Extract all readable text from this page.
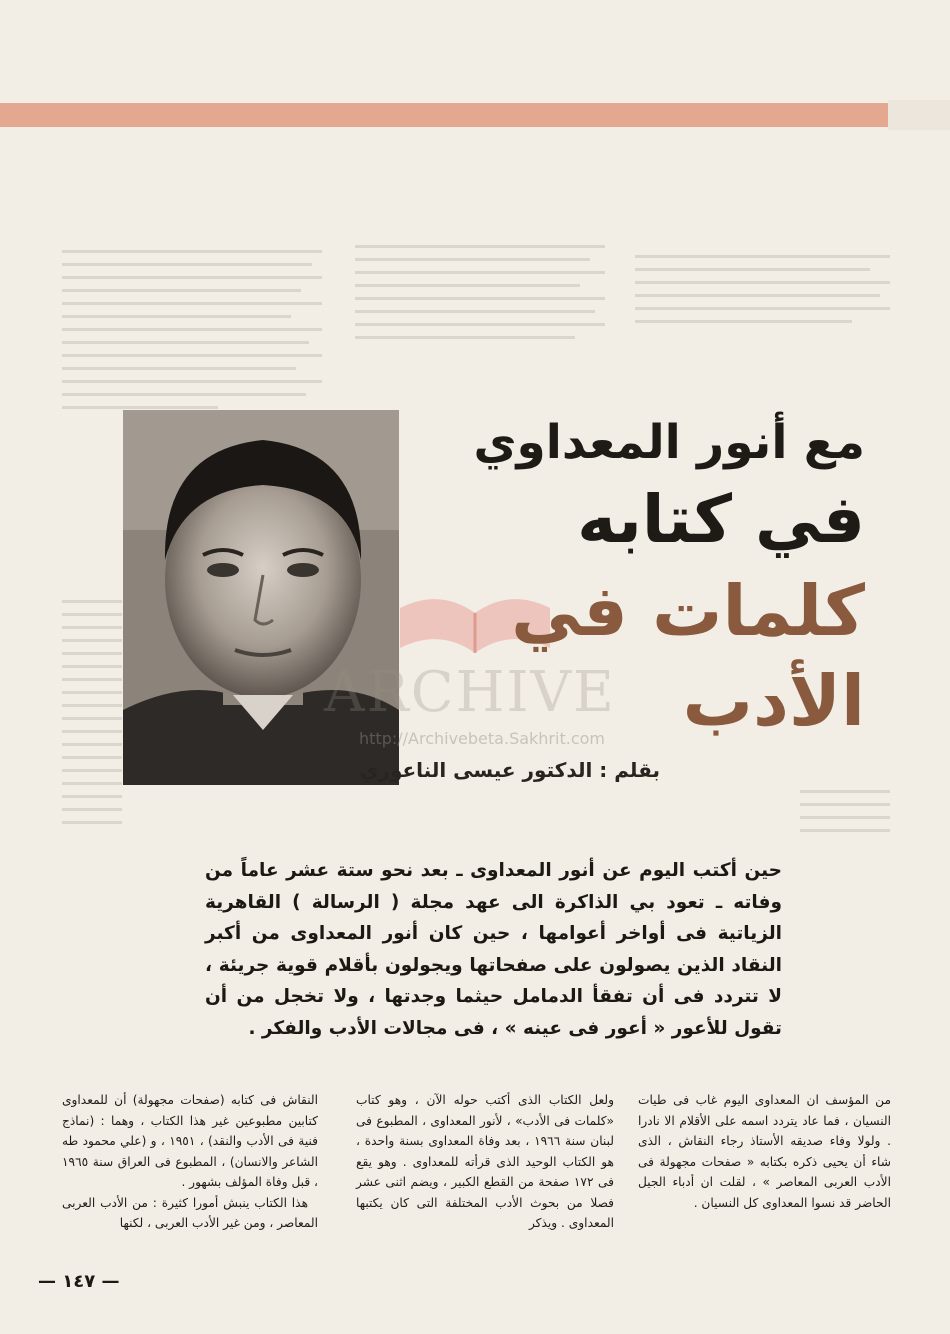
ARCHIVE
http://Archivebeta.Sakhrit.com
مع أنور المعداوي
في كتابه
كلمات في الأدب
بقلم : الدكتور عيسى الناعوري
حين أكتب اليوم عن أنور المعداوى ـ بعد نحو ستة عشر عاماً من وفاته ـ تعود بي الذاكرة الى عهد مجلة ( الرسالة ) القاهرية الزياتية فى أواخر أعوامها ، حين كان أنور المعداوى من أكبر النقاد الذين يصولون على صفحاتها ويجولون بأقلام قوية جريئة ، لا تتردد فى أن تفقأ الدمامل حيثما وجدتها ، ولا تخجل من أن تقول للأعور « أعور فى عينه » ، فى مجالات الأدب والفكر .

من المؤسف ان المعداوى اليوم غاب فى طيات النسيان ، فما عاد يتردد اسمه على الأقلام الا نادرا . ولولا وفاء صديقه الأستاذ رجاء النقاش ، الذى شاء أن يحيى ذكره بكتابه « صفحات مجهولة فى الأدب العربى المعاصر » ، لقلت ان أدباء الجيل الحاضر قد نسوا المعداوى كل النسيان .

ولعل الكتاب الذى أكتب حوله الآن ، وهو كتاب «كلمات فى الأدب» ، لأنور المعداوى ، المطبوع فى لبنان سنة ١٩٦٦ ، بعد وفاة المعداوى بسنة واحدة ، هو الكتاب الوحيد الذى قرأته للمعداوى . وهو يقع فى ١٧٢ صفحة من القطع الكبير ، ويضم اثنى عشر فصلا من بحوث الأدب المختلفة التى كان يكتبها المعداوى . ويذكر

النقاش فى كتابه (صفحات مجهولة) أن للمعداوى كتابين مطبوعين غير هذا الكتاب ، وهما : (نماذج فنية فى الأدب والنقد) ، ١٩٥١ ، و (علي محمود طه الشاعر والانسان) ، المطبوع فى العراق سنة ١٩٦٥ ، قبل وفاة المؤلف بشهور .

هذا الكتاب ينبش أمورا كثيرة : من الأدب العربى المعاصر ، ومن غير الأدب العربى ، لكنها

— ١٤٧ —
